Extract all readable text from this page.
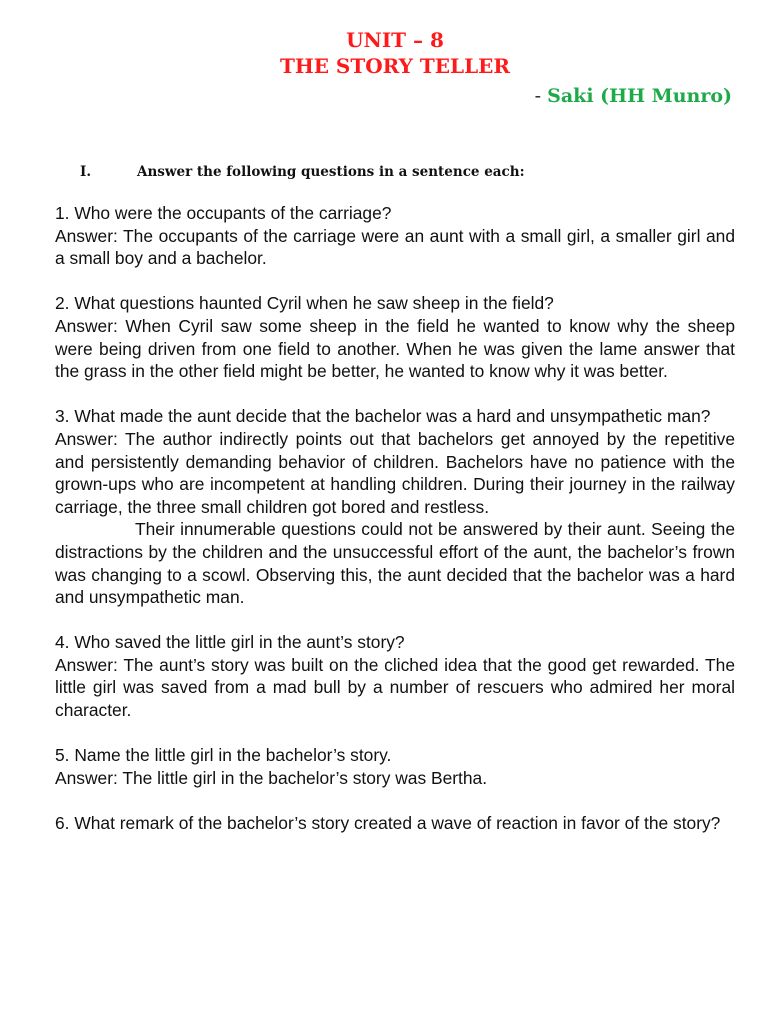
UNIT – 8
THE STORY TELLER
- Saki (HH Munro)
I.	Answer the following questions in a sentence each:

1. Who were the occupants of the carriage?

Answer: The occupants of the carriage were an aunt with a small girl, a smaller girl and a small boy and a bachelor.

2. What questions haunted Cyril when he saw sheep in the field?

Answer: When Cyril saw some sheep in the field he wanted to know why the sheep were being driven from one field to another. When he was given the lame answer that the grass in the other field might be better, he wanted to know why it was better.

3. What made the aunt decide that the bachelor was a hard and unsympathetic man?

Answer: The author indirectly points out that bachelors get annoyed by the repetitive and persistently demanding behavior of children. Bachelors have no patience with the grown-ups who are incompetent at handling children. During their journey in the railway carriage, the three small children got bored and restless.

Their innumerable questions could not be answered by their aunt. Seeing the distractions by the children and the unsuccessful effort of the aunt, the bachelor’s frown was changing to a scowl. Observing this, the aunt decided that the bachelor was a hard and unsympathetic man.

4. Who saved the little girl in the aunt’s story?

Answer: The aunt’s story was built on the cliched idea that the good get rewarded. The little girl was saved from a mad bull by a number of rescuers who admired her moral character.

5. Name the little girl in the bachelor’s story.

Answer: The little girl in the bachelor’s story was Bertha.

6. What remark of the bachelor’s story created a wave of reaction in favor of the story?
